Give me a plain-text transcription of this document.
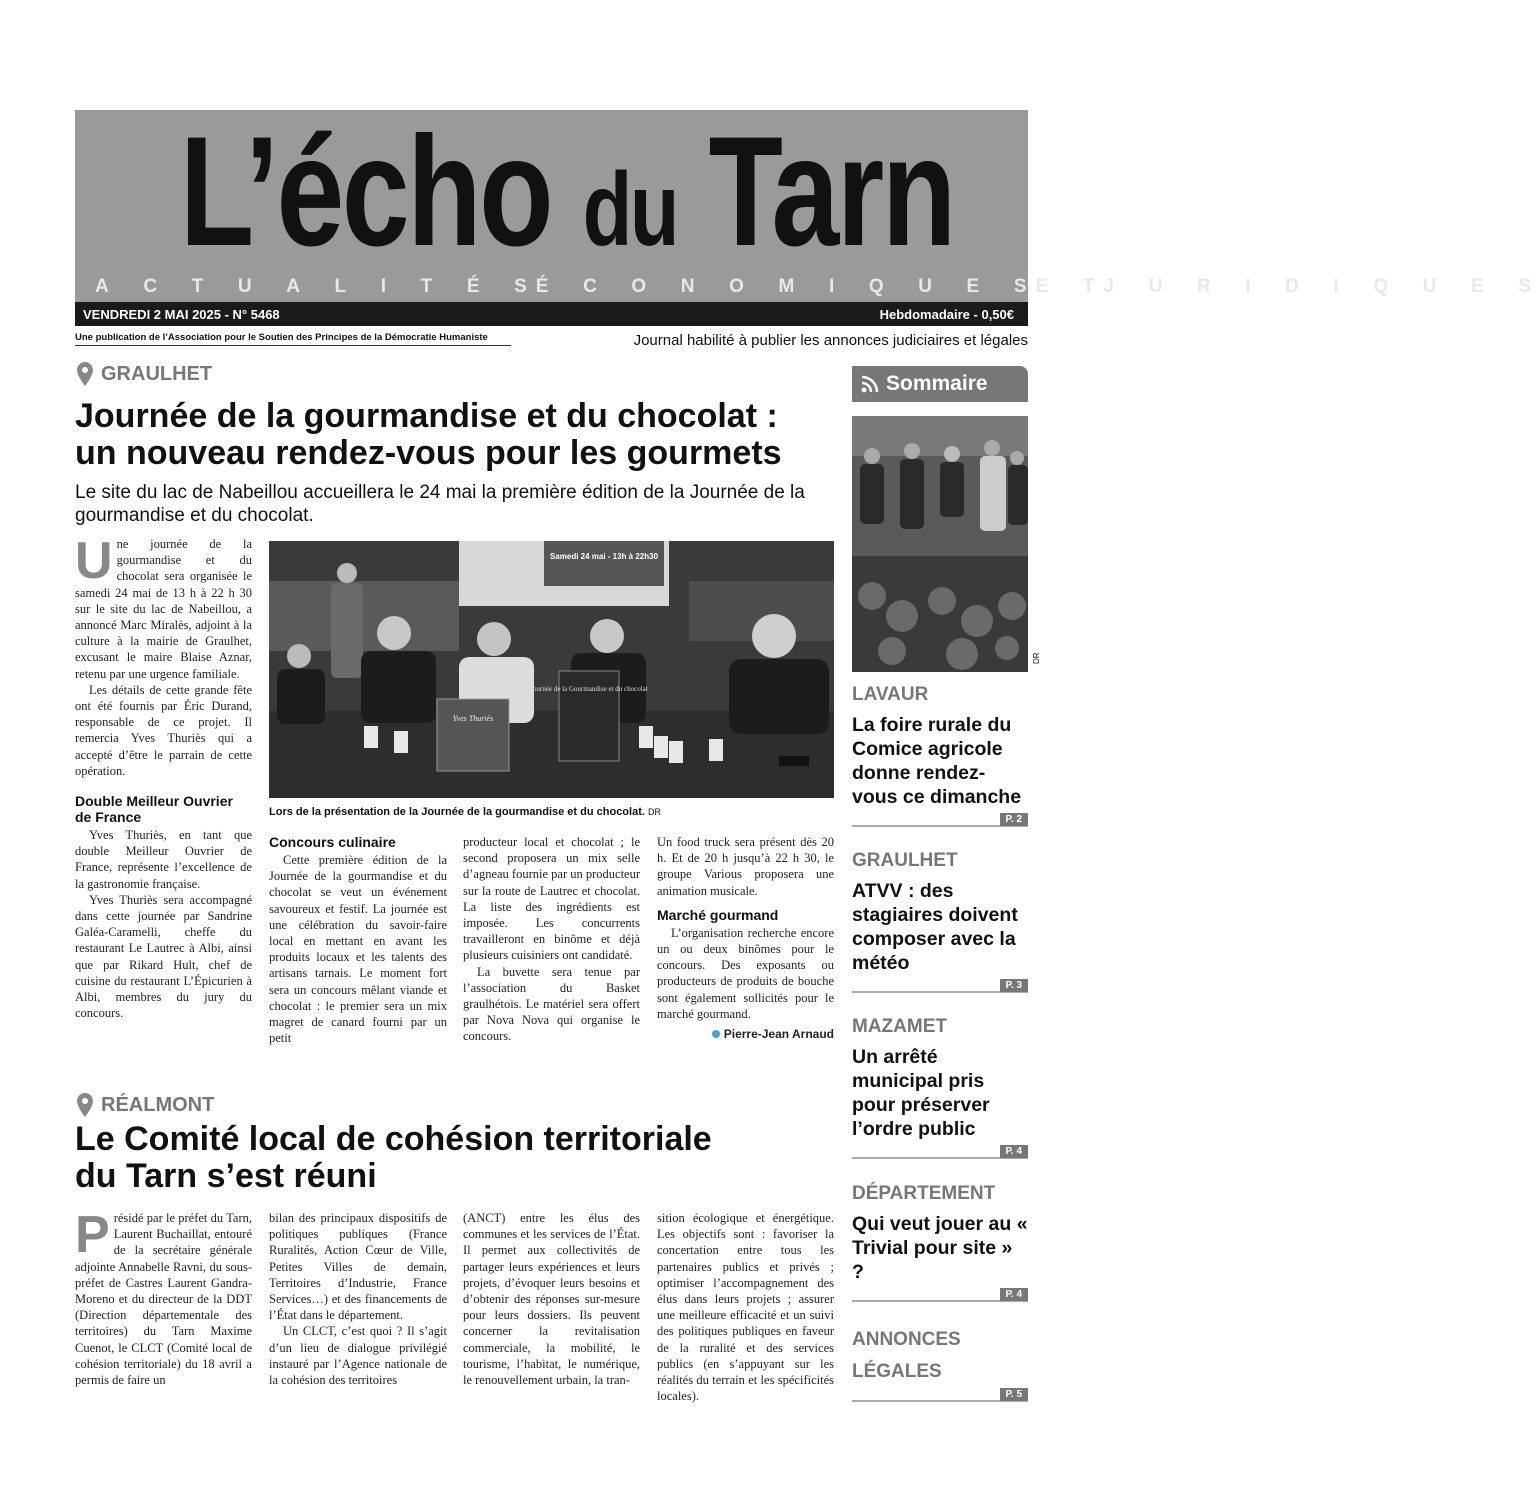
L’écho du Tarn
A  C  T  U  A  L  I  T  É  S É  C  O  N  O  M  I  Q  U  E  S E  T J  U  R  I  D  I  Q  U  E  S
VENDREDI 2 MAI 2025 - N° 5468	Hebdomadaire - 0,50€
Une publication de l’Association pour le Soutien des Principes de la Démocratie Humaniste	Journal habilité à publier les annonces judiciaires et légales
GRAULHET
Journée de la gourmandise et du chocolat :
un nouveau rendez-vous pour les gourmets
Le site du lac de Nabeillou accueillera le 24 mai la première édition de la Journée de la gourmandise et du chocolat.
U ne journée de la gourmandise et du chocolat sera organisée le samedi 24 mai de 13 h à 22 h 30 sur le site du lac de Nabeillou, a annoncé Marc Miralès, adjoint à la culture à la mairie de Graulhet, excusant le maire Blaise Aznar, retenu par une urgence familiale.

Les détails de cette grande fête ont été fournis par Éric Durand, responsable de ce projet. Il remercia Yves Thuriès qui a accepté d’être le parrain de cette opération.

Double Meilleur Ouvrier de France

Yves Thuriès, en tant que double Meilleur Ouvrier de France, représente l’excellence de la gastronomie française.

Yves Thuriès sera accompagné dans cette journée par Sandrine Galéa-Caramelli, cheffe du restaurant Le Lautrec à Albi, ainsi que par Rikard Hult, chef de cuisine du restaurant L’Épicurien à Albi, membres du jury du concours.

Samedi 24 mai - 13h à 22h30
Journée de la Gourmandise et du chocolat
Yves Thuriès
Lors de la présentation de la Journée de la gourmandise et du chocolat. DR
Concours culinaire

Cette première édition de la Journée de la gourmandise et du chocolat se veut un événement savoureux et festif. La journée est une célébration du savoir-faire local en mettant en avant les produits locaux et les talents des artisans tarnais. Le moment fort sera un concours mêlant viande et chocolat : le premier sera un mix magret de canard fourni par un petit

producteur local et chocolat ; le second proposera un mix selle d’agneau fournie par un producteur sur la route de Lautrec et chocolat. La liste des ingrédients est imposée. Les concurrents travailleront en binôme et déjà plusieurs cuisiniers ont candidaté.

La buvette sera tenue par l’association du Basket graulhétois. Le matériel sera offert par Nova Nova qui organise le concours.

Un food truck sera présent dès 20 h. Et de 20 h jusqu’à 22 h 30, le groupe Various proposera une animation musicale.

Marché gourmand

L’organisation recherche encore un ou deux binômes pour le concours. Des exposants ou producteurs de produits de bouche sont également sollicités pour le marché gourmand.

Pierre-Jean Arnaud
RÉALMONT
Le Comité local de cohésion territoriale
du Tarn s’est réuni
P résidé par le préfet du Tarn, Laurent Buchaillat, entouré de la secrétaire générale adjointe Annabelle Ravni, du sous-préfet de Castres Laurent Gandra-Moreno et du directeur de la DDT (Direction départementale des territoires) du Tarn Maxime Cuenot, le CLCT (Comité local de cohésion territoriale) du 18 avril a permis de faire un

bilan des principaux dispositifs de politiques publiques (France Ruralités, Action Cœur de Ville, Petites Villes de demain, Territoires d’Industrie, France Services…) et des financements de l’État dans le département.

Un CLCT, c’est quoi ? Il s’agit d’un lieu de dialogue privilégié instauré par l’Agence nationale de la cohésion des territoires

(ANCT) entre les élus des communes et les services de l’État. Il permet aux collectivités de partager leurs expériences et leurs projets, d’évoquer leurs besoins et d’obtenir des réponses sur-mesure pour leurs dossiers. Ils peuvent concerner la revitalisation commerciale, la mobilité, le tourisme, l’habitat, le numérique, le renouvellement urbain, la tran-

sition écologique et énergétique. Les objectifs sont : favoriser la concertation entre tous les partenaires publics et privés ; optimiser l’accompagnement des élus dans leurs projets ; assurer une meilleure efficacité et un suivi des politiques publiques en faveur de la ruralité et des services publics (en s’appuyant sur les réalités du terrain et les spécificités locales).

Sommaire
DR
LAVAUR
La foire rurale du Comice agricole donne rendez-vous ce dimanche
P. 2
GRAULHET
ATVV : des stagiaires doivent composer avec la météo
P. 3
MAZAMET
Un arrêté municipal pris pour préserver l’ordre public
P. 4
DÉPARTEMENT
Qui veut jouer au « Trivial pour site » ?
P. 4
ANNONCES LÉGALES
P. 5
